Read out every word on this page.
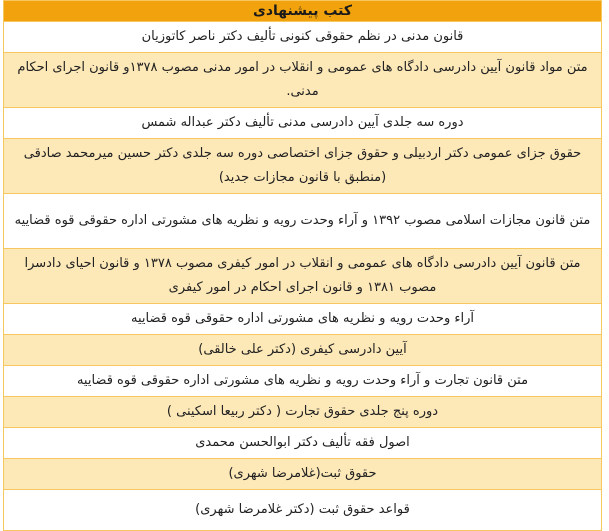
کتب پیشنهادی
قانون مدنی در نظم حقوقی کنونی تألیف دکتر ناصر کاتوزیان
متن مواد قانون آیین دادرسی دادگاه های عمومی و انقلاب در امور مدنی مصوب ۱۳۷۸و قانون اجرای احکام مدنی.
دوره سه جلدی آیین دادرسی مدنی تألیف دکتر عبداله شمس
حقوق جزای عمومی دکتر اردبیلی و حقوق جزای اختصاصی دوره سه جلدی دکتر حسین میرمحمد صادقی (منطبق با قانون مجازات جدید)
متن قانون مجازات اسلامی مصوب ۱۳۹۲ و آراء وحدت رویه و نظریه های مشورتی اداره حقوقی قوه قضاییه
متن قانون آیین دادرسی دادگاه های عمومی و انقلاب در امور کیفری مصوب ۱۳۷۸ و قانون احیای دادسرا مصوب ۱۳۸۱ و قانون اجرای احکام در امور کیفری
آراء وحدت رویه و نظریه های مشورتی اداره حقوقی قوه قضاییه
آیین دادرسی کیفری (دکتر علی خالقی)
متن قانون تجارت و آراء وحدت رویه و نظریه های مشورتی اداره حقوقی قوه قضاییه
دوره پنج جلدی حقوق تجارت ( دکتر ربیعا اسکینی )
اصول فقه تألیف دکتر ابوالحسن محمدی
حقوق ثبت(غلامرضا شهری)
قواعد حقوق ثبت (دکتر غلامرضا شهری)
